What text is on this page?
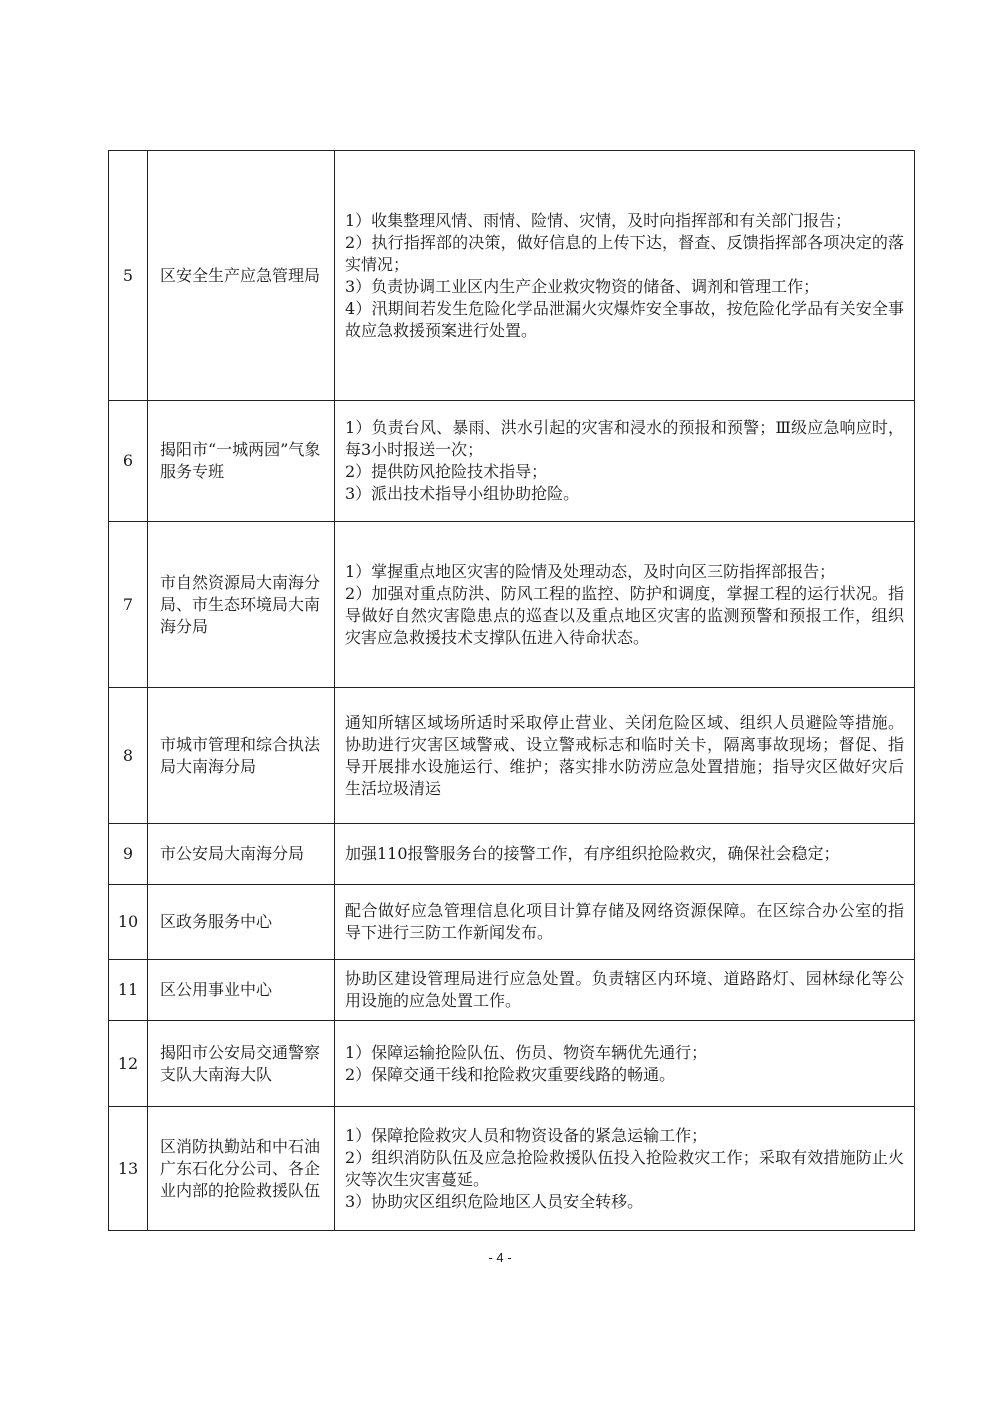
5	区安全生产应急管理局	1）收集整理风情、雨情、险情、灾情，及时向指挥部和有关部门报告；
2）执行指挥部的决策，做好信息的上传下达，督查、反馈指挥部各项决定的落实情况；
3）负责协调工业区内生产企业救灾物资的储备、调剂和管理工作；
4）汛期间若发生危险化学品泄漏火灾爆炸安全事故，按危险化学品有关安全事故应急救援预案进行处置。

6	揭阳市“一城两园”气象服务专班	1）负责台风、暴雨、洪水引起的灾害和浸水的预报和预警；Ⅲ级应急响应时，每3小时报送一次；
2）提供防风抢险技术指导；
3）派出技术指导小组协助抢险。

7	市自然资源局大南海分局、市生态环境局大南海分局	1）掌握重点地区灾害的险情及处理动态，及时向区三防指挥部报告；
2）加强对重点防洪、防风工程的监控、防护和调度，掌握工程的运行状况。指导做好自然灾害隐患点的巡查以及重点地区灾害的监测预警和预报工作，组织灾害应急救援技术支撑队伍进入待命状态。

8	市城市管理和综合执法局大南海分局	通知所辖区域场所适时采取停止营业、关闭危险区域、组织人员避险等措施。协助进行灾害区域警戒、设立警戒标志和临时关卡，隔离事故现场；督促、指导开展排水设施运行、维护；落实排水防涝应急处置措施；指导灾区做好灾后生活垃圾清运

9	市公安局大南海分局	加强110报警服务台的接警工作，有序组织抢险救灾，确保社会稳定；

10	区政务服务中心	配合做好应急管理信息化项目计算存储及网络资源保障。在区综合办公室的指导下进行三防工作新闻发布。

11	区公用事业中心	协助区建设管理局进行应急处置。负责辖区内环境、道路路灯、园林绿化等公用设施的应急处置工作。

12	揭阳市公安局交通警察支队大南海大队	1）保障运输抢险队伍、伤员、物资车辆优先通行；
2）保障交通干线和抢险救灾重要线路的畅通。

13	区消防执勤站和中石油广东石化分公司、各企业内部的抢险救援队伍	1）保障抢险救灾人员和物资设备的紧急运输工作；
2）组织消防队伍及应急抢险救援队伍投入抢险救灾工作；采取有效措施防止火灾等次生灾害蔓延。
3）协助灾区组织危险地区人员安全转移。
- 4 -
